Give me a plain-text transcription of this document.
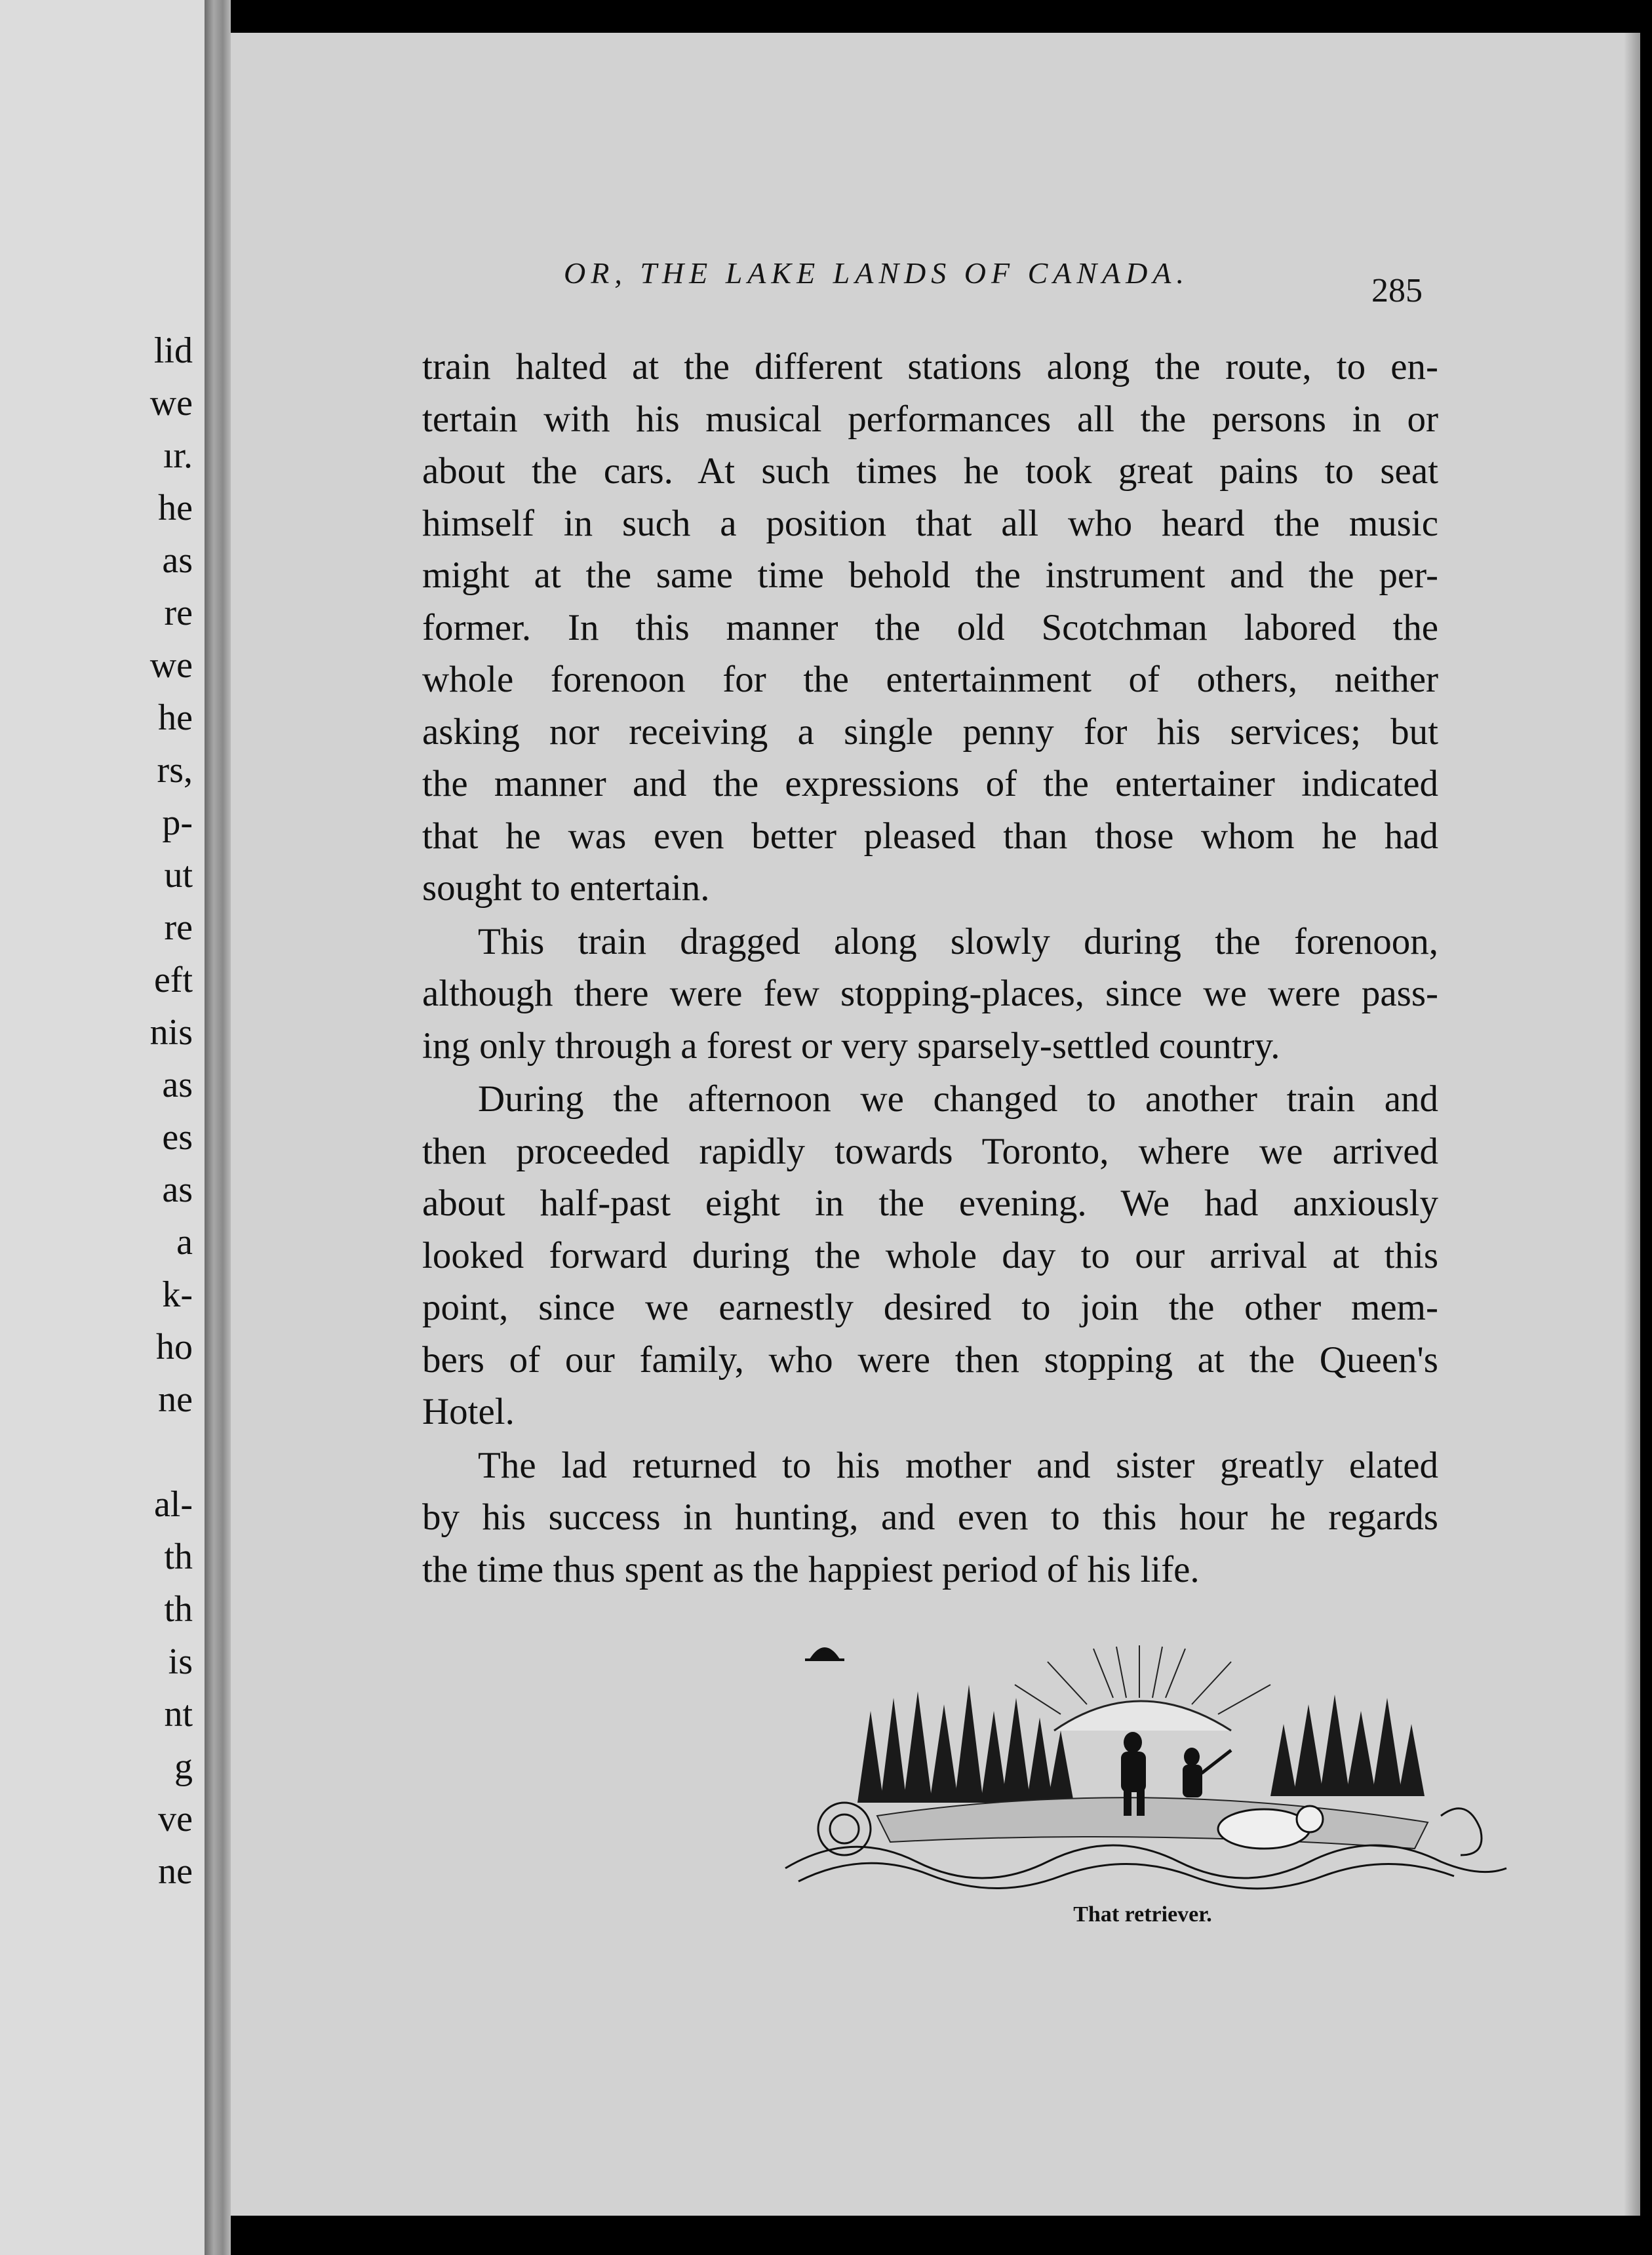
lid
we
ır.
he
as
re
we
he
rs,
p-
ut
re
eft
nis
as
es
as
a
k-
ho
ne
al-
th
th
is
nt
g
ve
ne
OR, THE LAKE LANDS OF CANADA.	285
train halted at the different stations along the route, to en-
tertain with his musical performances all the persons in or
about the cars. At such times he took great pains to seat
himself in such a position that all who heard the music
might at the same time behold the instrument and the per-
former. In this manner the old Scotchman labored the
whole forenoon for the entertainment of others, neither
asking nor receiving a single penny for his services; but
the manner and the expressions of the entertainer indicated
that he was even better pleased than those whom he had
sought to entertain.
This train dragged along slowly during the forenoon,
although there were few stopping-places, since we were pass-
ing only through a forest or very sparsely-settled country.
During the afternoon we changed to another train and
then proceeded rapidly towards Toronto, where we arrived
about half-past eight in the evening. We had anxiously
looked forward during the whole day to our arrival at this
point, since we earnestly desired to join the other mem-
bers of our family, who were then stopping at the Queen's
Hotel.
The lad returned to his mother and sister greatly elated
by his success in hunting, and even to this hour he regards
the time thus spent as the happiest period of his life.
That retriever.
